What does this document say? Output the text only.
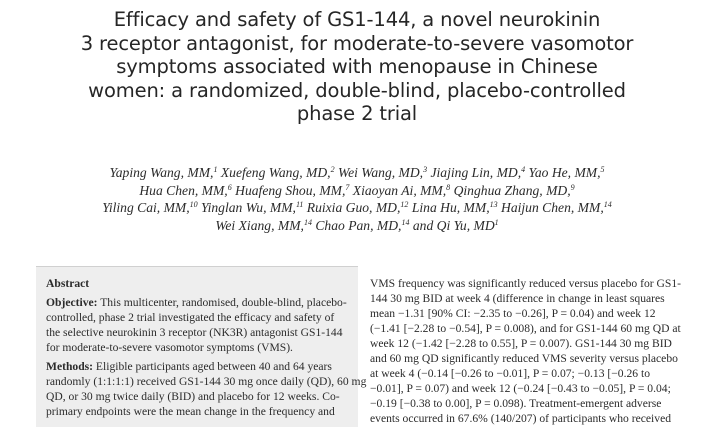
Efficacy and safety of GS1-144, a novel neurokinin
3 receptor antagonist, for moderate-to-severe vasomotor
symptoms associated with menopause in Chinese
women: a randomized, double-blind, placebo-controlled
phase 2 trial
Yaping Wang, MM,$^1$ Xuefeng Wang, MD,$^2$ Wei Wang, MD,$^3$ Jiajing Lin, MD,$^4$ Yao He, MM,$^5$
Hua Chen, MM,$^6$ Huafeng Shou, MM,$^7$ Xiaoyan Ai, MM,$^8$ Qinghua Zhang, MD,$^9$
Yiling Cai, MM,$^{10}$ Yinglan Wu, MM,$^{11}$ Ruixia Guo, MD,$^{12}$ Lina Hu, MM,$^{13}$ Haijun Chen, MM,$^{14}$
Wei Xiang, MM,$^{14}$ Chao Pan, MD,$^{14}$ and Qi Yu, $MD^1$
Abstract
Objective: This multicenter, randomised, double-blind, placebo-
controlled, phase 2 trial investigated the efficacy and safety of
the selective neurokinin 3 receptor (NK3R) antagonist GS1-144
for moderate-to-severe vasomotor symptoms (VMS).
Methods: Eligible participants aged between 40 and 64 years
randomly (1:1:1:1) received GS1-144 30 mg once daily (QD), 60 mg
QD, or 30 mg twice daily (BID) and placebo for 12 weeks. Co-
primary endpoints were the mean change in the frequency and
VMS frequency was significantly reduced versus placebo for GS1-
144 30 mg BID at week 4 (difference in change in least squares
mean −1.31 [90% CI: −2.35 to −0.26], P = 0.04) and week 12
(−1.41 [−2.28 to −0.54], P = 0.008), and for GS1-144 60 mg QD at
week 12 (−1.42 [−2.28 to 0.55], P = 0.007). GS1-144 30 mg BID
and 60 mg QD significantly reduced VMS severity versus placebo
at week 4 (−0.14 [−0.26 to −0.01], P = 0.07; −0.13 [−0.26 to
−0.01], P = 0.07) and week 12 (−0.24 [−0.43 to −0.05], P = 0.04;
−0.19 [−0.38 to 0.00], P = 0.098). Treatment-emergent adverse
events occurred in 67.6% (140/207) of participants who received
